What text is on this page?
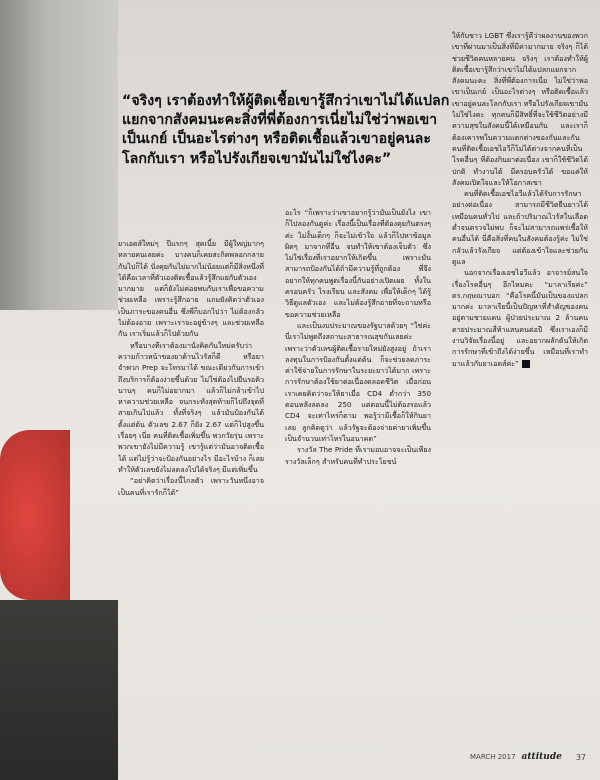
“จริงๆ เราต้องทำให้ผู้ติดเชื้อเขารู้สึกว่าเขาไม่ได้แปลกแยกจากสังคมนะคะสิ่งที่พี่ต้องการเนี่ยไม่ใช่ว่าพอเขาเป็นเกย์ เป็นอะไรต่างๆ หรือติดเชื้อแล้วเขาอยู่คนละโลกกับเรา หรือไปรังเกียจเขามันไม่ใช่ไงคะ”

ยาเอดส์ใหม่ๆ ปีแรกๆ สุดเนี้ย มีผู้ใหญ่มากๆ หลายคนเลยค่ะ บางคนก็เคยสะกิดพลอกกลายกันไปก็ได้ นั่งคุยกันไม่มากไม่น้อยแต่ก็มีสิ่งหนึ่งที่ได้คือเวลาที่ตัวเองติดเชื้อแล้วรู้สึกแย่กับตัวเองมากมาย แต่ก็ยังไม่ค่อยพบกับเราเพื่อขอความช่วยเหลือ เพราะรู้สึกอาย แถมยังคิดว่าตัวเองเป็นภาระของคนอื่น ซึ่งพี่ก็บอกไปว่า ไม่ต้องกลัว ไม่ต้องอาย เพราะเราจะอยู่ข้างๆ และช่วยเหลือกัน เราเริ่มแล้วก็ไปด้วยกัน

หรือบางทีเราต้องมานั่งคิดกันใหม่ครับว่า ความก้าวหน้าของยาต้านไวรัสก็ดี หรือยาจำพวก Prep จะโทรมาได้ ขณะเดียวกันการเข้าถึงบริการก็ต้องง่ายขึ้นด้วย ไม่ใช่ต้องไปยืนรอคิวนานๆ คนก็ไม่อยากมา แล้วก็ไม่กล้าเข้าไปหาความช่วยเหลือ จนกระทั่งสุดท้ายก็ไปถึงจุดที่สายเกินไปแล้ว ทั้งที่จริงๆ แล้วมันป้องกันได้ตั้งแต่ต้น ตัวเลข 2.67 ก็ยัง 2.67 แต่ก็ไปสูงขึ้นเรื่อยๆ เนี่ย คนที่ติดเชื้อเพิ่มขึ้น พวกวัยรุ่น เพราะพวกเขายังไม่มีความรู้ เขารู้แต่ว่ามันอาจติดเชื้อได้ แต่ไม่รู้ว่าจะป้องกันอย่างไร มีอะไรบ้าง ก็เลยทำให้ตัวเลขยังไม่ลดลงไปได้จริงๆ มีแต่เพิ่มขึ้น

“อย่าคิดว่าเรื่องนี้ไกลตัว เพราะวันหนึ่งอาจเป็นคนที่เรารักก็ได้”

อะไร “ก็เพราะว่าเขาอยากรู้ว่ามันเป็นยังไง เขาก็ไปลองกันดูค่ะ เรื่องนี้เป็นเรื่องที่ต้องคุยกันตรงๆ ค่ะ ไม่งั้นเด็กๆ ก็จะไม่เข้าใจ แล้วก็ไปหาข้อมูลผิดๆ มาจากที่อื่น จนทำให้เขาต้องเจ็บตัว ซึ่งไม่ใช่เรื่องที่เราอยากให้เกิดขึ้น เพราะมันสามารถป้องกันได้ถ้ามีความรู้ที่ถูกต้อง พี่จึงอยากให้ทุกคนพูดเรื่องนี้กันอย่างเปิดเผย ทั้งในครอบครัว โรงเรียน และสังคม เพื่อให้เด็กๆ ได้รู้วิธีดูแลตัวเอง และไม่ต้องรู้สึกอายที่จะถามหรือขอความช่วยเหลือ

และเป็นงบประมาณของรัฐบาลด้วยๆ “ใช่ค่ะ นี่เราไม่พูดถึงสถานะสาธารณสุขกันเลยค่ะ เพราะว่าตัวเลขผู้ติดเชื้อรายใหม่ยังสูงอยู่ ถ้าเราลงทุนในการป้องกันตั้งแต่ต้น ก็จะช่วยลดภาระค่าใช้จ่ายในการรักษาในระยะยาวได้มาก เพราะการรักษาต้องใช้ยาต่อเนื่องตลอดชีวิต เมื่อก่อนเราเคยคิดว่าจะให้ยาเมื่อ CD4 ต่ำกว่า 350 ตอนหลังลดลง 250 แต่ตอนนี้ไม่ต้องรอแล้ว CD4 จะเท่าไหร่ก็ตาม พอรู้ว่ามีเชื้อก็ให้กินยาเลย ลูกคิดดูว่า แล้วรัฐจะต้องจ่ายค่ายาเพิ่มขึ้นเป็นจำนวนเท่าไหร่ในอนาคต”

รางวัล The Pride ที่เรามอบอาจจะเป็นเพียงรางวัลเล็กๆ สำหรับคนที่ทำประโยชน์

ให้กับชาว LGBT ซึ่งเรารู้ดีว่าผลงานของพวกเขาที่ผ่านมาเป็นสิ่งที่มีค่ามากมาย จริงๆ ก็ได้ช่วยชีวิตคนหลายคน จริงๆ เราต้องทำให้ผู้ติดเชื้อเขารู้สึกว่าเขาไม่ได้แปลกแยกจากสังคมนะคะ สิ่งที่พี่ต้องการเนี่ย ไม่ใช่ว่าพอเขาเป็นเกย์ เป็นอะไรต่างๆ หรือติดเชื้อแล้วเขาอยู่คนละโลกกับเรา หรือไปรังเกียจเขามันไม่ใช่ไงคะ ทุกคนก็มีสิทธิ์ที่จะใช้ชีวิตอย่างมีความสุขในสังคมนี้ได้เหมือนกัน และเราก็ต้องเคารพในความแตกต่างของกันและกัน คนที่ติดเชื้อเอชไอวีก็ไม่ได้ต่างจากคนที่เป็นโรคอื่นๆ ที่ต้องกินยาต่อเนื่อง เขาก็ใช้ชีวิตได้ปกติ ทำงานได้ มีครอบครัวได้ ขอแค่ให้สังคมเปิดใจและให้โอกาสเขา

คนที่ติดเชื้อเอชไอวีแล้วได้รับการรักษาอย่างต่อเนื่อง สามารถมีชีวิตยืนยาวได้เหมือนคนทั่วไป และถ้าปริมาณไวรัสในเลือดต่ำจนตรวจไม่พบ ก็จะไม่สามารถแพร่เชื้อให้คนอื่นได้ นี่คือสิ่งที่คนในสังคมต้องรู้ค่ะ ไม่ใช่กลัวแล้วรังเกียจ แต่ต้องเข้าใจและช่วยกันดูแล

นอกจากเรื่องเอชไอวีแล้ว อาจารย์สนใจเรื่องโรคอื่นๆ อีกไหมคะ “มาลาเรียค่ะ” ดร.กฤษณาบอก “คือโรคนี้มันเป็นของแปลกมากค่ะ มาลาเรียนี้เป็นปัญหาที่สำคัญของคนอยู่ตามชายแดน ผู้ป่วยประมาณ 2 ล้านคน ตายประมาณสี่ห้าแสนคนต่อปี ซึ่งเราเองก็มีงานวิจัยเรื่องนี้อยู่ และอยากผลักดันให้เกิดการรักษาที่เข้าถึงได้ง่ายขึ้น เหมือนที่เราทำมาแล้วกับยาเอดส์ค่ะ”

MARCH 2017 attitude 37
